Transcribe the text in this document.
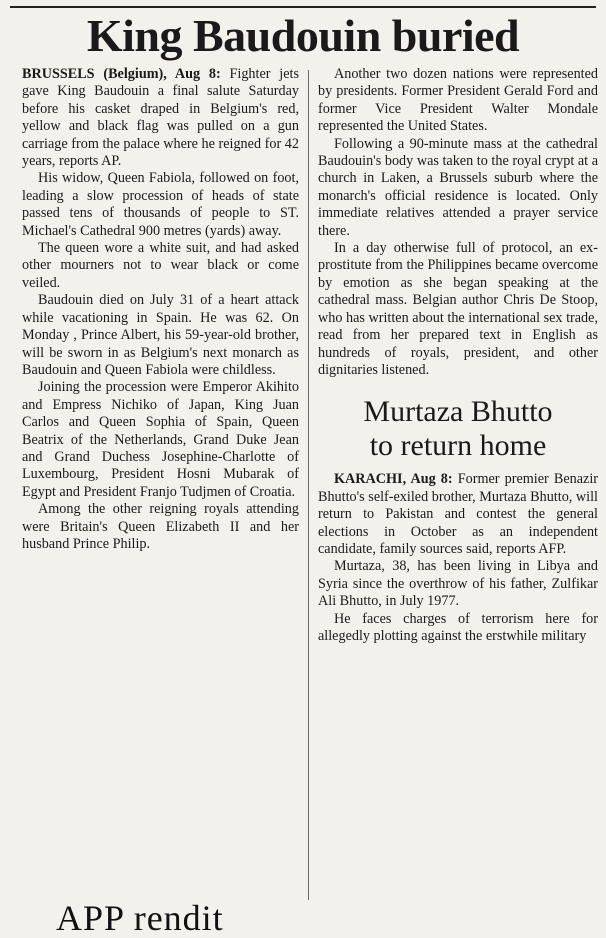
King Baudouin buried

BRUSSELS (Belgium), Aug 8: Fighter jets gave King Baudouin a final salute Saturday before his casket draped in Belgium's red, yellow and black flag was pulled on a gun carriage from the palace where he reigned for 42 years, reports AP.

His widow, Queen Fabiola, followed on foot, leading a slow procession of heads of state passed tens of thousands of people to ST. Michael's Cathedral 900 metres (yards) away.

The queen wore a white suit, and had asked other mourners not to wear black or come veiled.

Baudouin died on July 31 of a heart attack while vacationing in Spain. He was 62. On Monday , Prince Albert, his 59-year-old brother, will be sworn in as Belgium's next monarch as Baudouin and Queen Fabiola were childless.

Joining the procession were Emperor Akihito and Empress Nichiko of Japan, King Juan Carlos and Queen Sophia of Spain, Queen Beatrix of the Netherlands, Grand Duke Jean and Grand Duchess Josephine-Charlotte of Luxembourg, President Hosni Mubarak of Egypt and President Franjo Tudjmen of Croatia.

Among the other reigning royals attending were Britain's Queen Elizabeth II and her husband Prince Philip.

Another two dozen nations were represented by presidents. Former President Gerald Ford and former Vice President Walter Mondale represented the United States.

Following a 90-minute mass at the cathedral Baudouin's body was taken to the royal crypt at a church in Laken, a Brussels suburb where the monarch's official residence is located. Only immediate relatives attended a prayer service there.

In a day otherwise full of protocol, an ex-prostitute from the Philippines became overcome by emotion as she began speaking at the cathedral mass. Belgian author Chris De Stoop, who has written about the international sex trade, read from her prepared text in English as hundreds of royals, president, and other dignitaries listened.

Murtaza Bhutto
to return home

KARACHI, Aug 8: Former premier Benazir Bhutto's self-exiled brother, Murtaza Bhutto, will return to Pakistan and contest the general elections in October as an independent candidate, family sources said, reports AFP.

Murtaza, 38, has been living in Libya and Syria since the overthrow of his father, Zulfikar Ali Bhutto, in July 1977.

He faces charges of terrorism here for allegedly plotting against the erstwhile military

APP rendit
